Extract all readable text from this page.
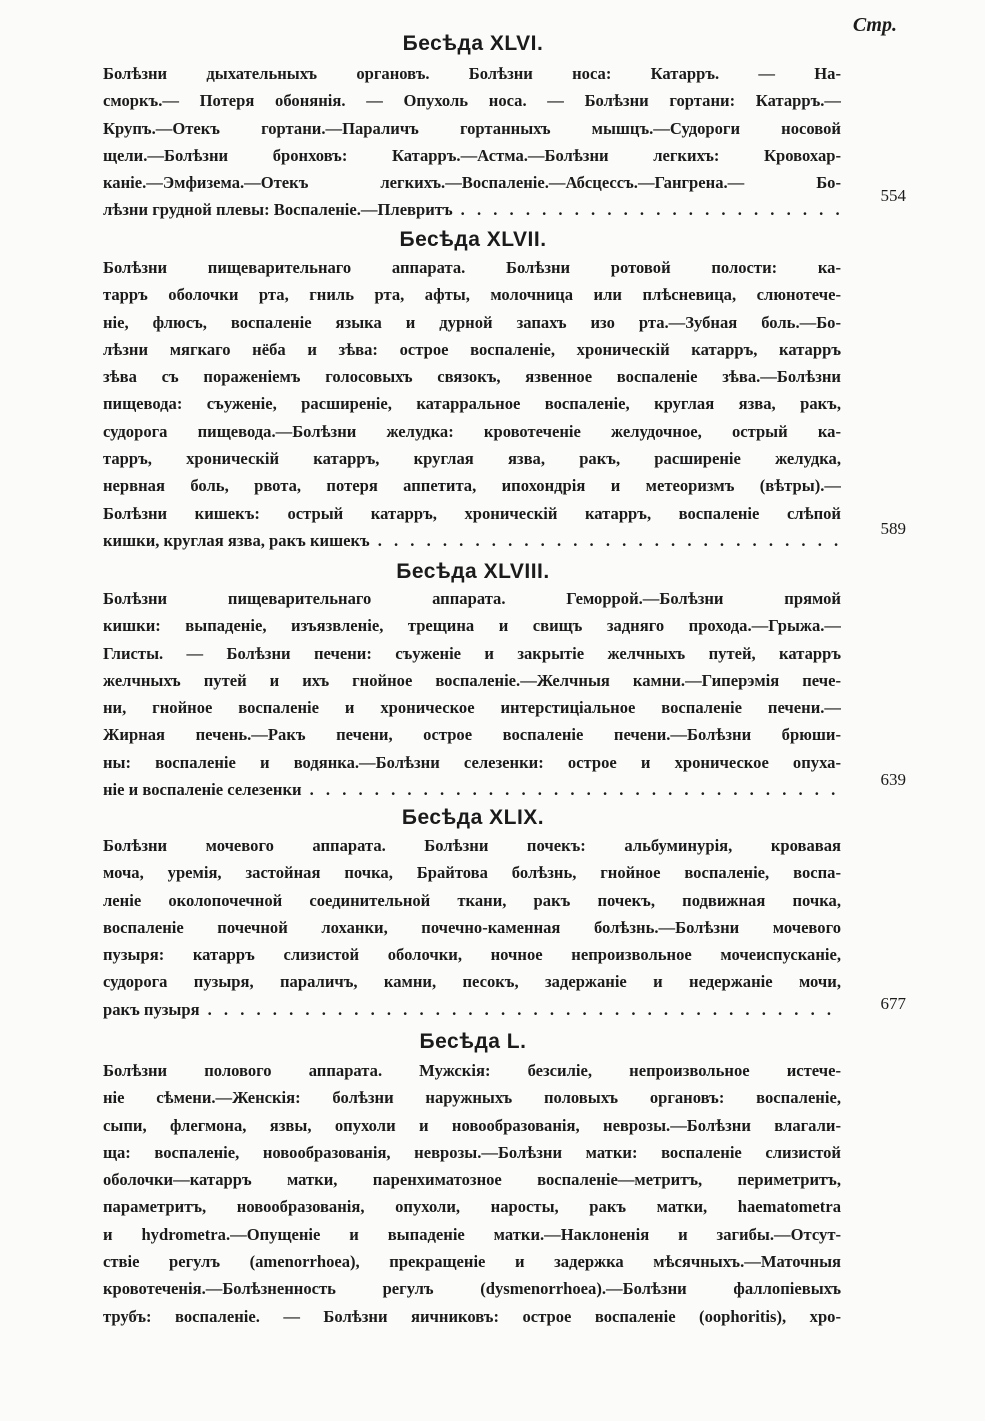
Стр.
Бесѣда XLVI.
Болѣзни дыхательныхъ органовъ. Болѣзни носа: Катарръ. — На-
сморкъ.— Потеря обонянія. — Опухоль носа. — Болѣзни гортани: Катарръ.—
Крупъ.—Отекъ гортани.—Параличъ гортанныхъ мышцъ.—Судороги носовой
щели.—Болѣзни бронховъ: Катарръ.—Астма.—Болѣзни легкихъ: Кровохар-
каніе.—Эмфизема.—Отекъ легкихъ.—Воспаленіе.—Абсцессъ.—Гангрена.— Бо-
лѣзни грудной плевы: Воспаленіе.—Плевритъ
. . .
554
Бесѣда XLVII.
Болѣзни пищеварительнаго аппарата. Болѣзни ротовой полости: ка-
тарръ оболочки рта, гниль рта, афты, молочница или плѣсневица, слюнотече-
ніе, флюсъ, воспаленіе языка и дурной запахъ изо рта.—Зубная боль.—Бо-
лѣзни мягкаго нёба и зѣва: острое воспаленіе, хроническій катарръ, катарръ
зѣва съ пораженіемъ голосовыхъ связокъ, язвенное воспаленіе зѣва.—Болѣзни
пищевода: съуженіе, расширеніе, катарральное воспаленіе, круглая язва, ракъ,
судорога пищевода.—Болѣзни желудка: кровотеченіе желудочное, острый ка-
тарръ, хроническій катарръ, круглая язва, ракъ, расширеніе желудка,
нервная боль, рвота, потеря аппетита, ипохондрія и метеоризмъ (вѣтры).—
Болѣзни кишекъ: острый катарръ, хроническій катарръ, воспаленіе слѣпой
кишки, круглая язва, ракъ кишекъ
. . .
589
Бесѣда XLVIII.
Болѣзни пищеварительнаго аппарата. Геморрой.—Болѣзни прямой
кишки: выпаденіе, изъязвленіе, трещина и свищъ задняго прохода.—Грыжа.—
Глисты. — Болѣзни печени: съуженіе и закрытіе желчныхъ путей, катарръ
желчныхъ путей и ихъ гнойное воспаленіе.—Желчныя камни.—Гиперэмія пече-
ни, гнойное воспаленіе и хроническое интерстиціальное воспаленіе печени.—
Жирная печень.—Ракъ печени, острое воспаленіе печени.—Болѣзни брюши-
ны: воспаленіе и водянка.—Болѣзни селезенки: острое и хроническое опуха-
ніе и воспаленіе селезенки
. . .
639
Бесѣда XLIX.
Болѣзни мочевого аппарата. Болѣзни почекъ: альбуминурія, кровавая
моча, уремія, застойная почка, Брайтова болѣзнь, гнойное воспаленіе, воспа-
леніе околопочечной соединительной ткани, ракъ почекъ, подвижная почка,
воспаленіе почечной лоханки, почечно-каменная болѣзнь.—Болѣзни мочевого
пузыря: катарръ слизистой оболочки, ночное непроизвольное мочеиспусканіе,
судорога пузыря, параличъ, камни, песокъ, задержаніе и недержаніе мочи,
ракъ пузыря
. . .	677
Бесѣда L.
Болѣзни полового аппарата. Мужскія: безсиліе, непроизвольное истече-
ніе сѣмени.—Женскія: болѣзни наружныхъ половыхъ органовъ: воспаленіе,
сыпи, флегмона, язвы, опухоли и новообразованія, неврозы.—Болѣзни влагали-
ща: воспаленіе, новообразованія, неврозы.—Болѣзни матки: воспаленіе слизистой
оболочки—катарръ матки, паренхиматозное воспаленіе—метритъ, периметритъ,
параметритъ, новообразованія, опухоли, наросты, ракъ матки, haematometra
и hydrometra.—Опущеніе и выпаденіе матки.—Наклоненія и загибы.—Отсут-
ствіе регулъ (amenorrhoea), прекращеніе и задержка мѣсячныхъ.—Маточныя
кровотеченія.—Болѣзненность регулъ (dysmenorrhoea).—Болѣзни фаллопіевыхъ
трубъ: воспаленіе. — Болѣзни яичниковъ: острое воспаленіе (oophoritis), хро-
